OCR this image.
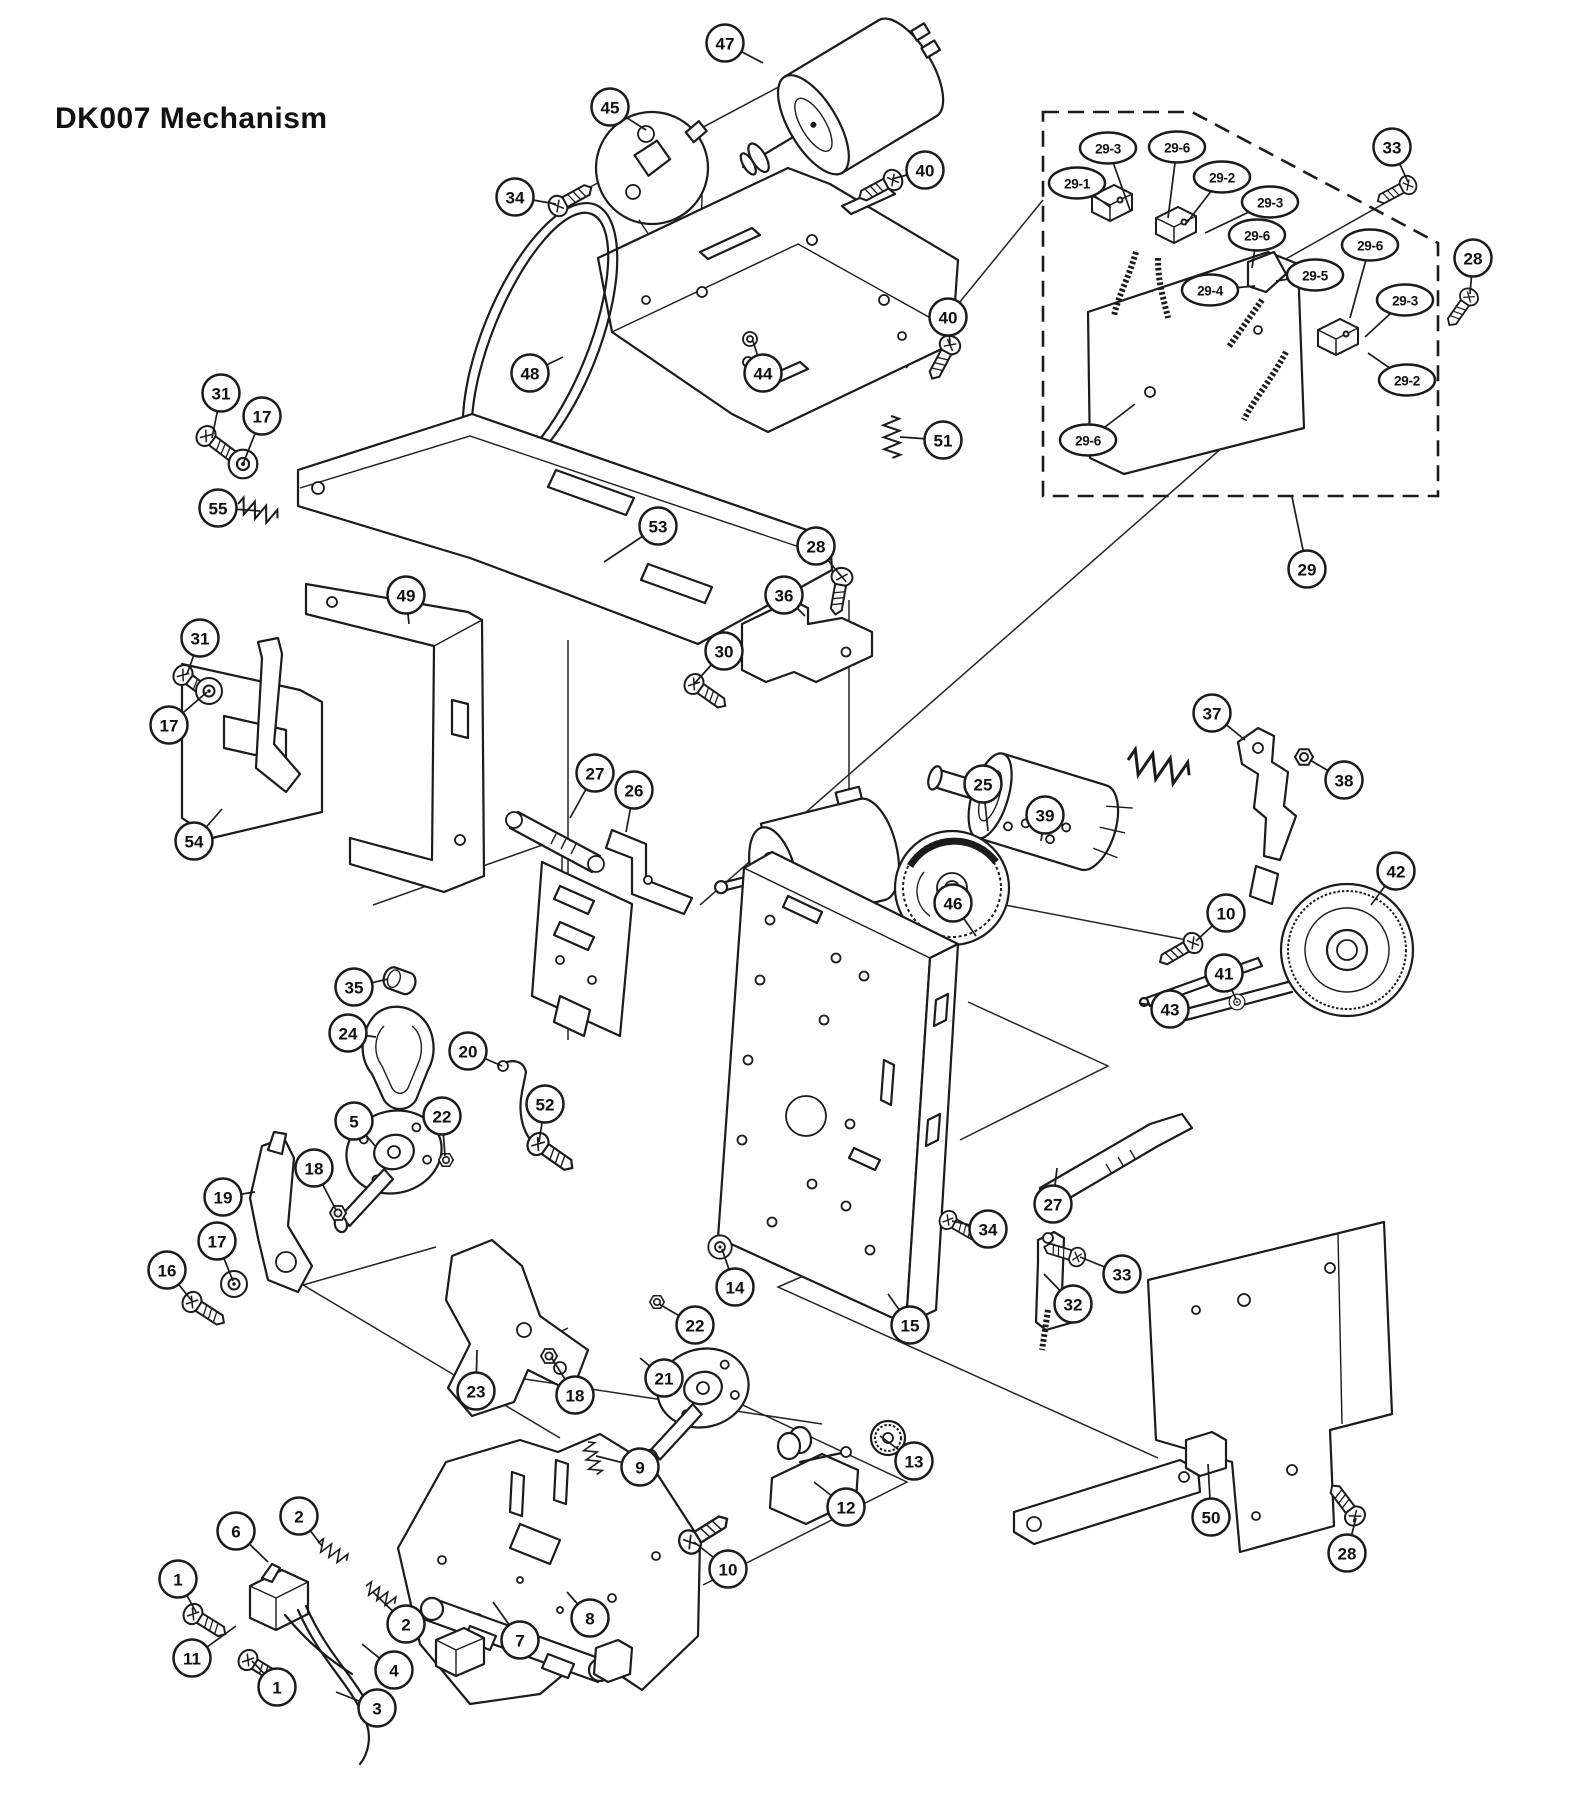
DK007 Mechanism
47
45
34
40
40
44
48
51
33
28
29-1
29-3	29-6
29-2
29-3
29-6
29-5
29-4
29-6
29-3
29-2
29-6
29
31
17
55
53
49
31
17
54
28
36
30
27
26
37
38
25
39
46
42
10
41
43
35
24
20
52
5	22
18
19
17
16
14
22
21
23	18
15
27
34
33
32
50
28
9	13
12
10
2
6
1
11
1
2
4
3
7
8
